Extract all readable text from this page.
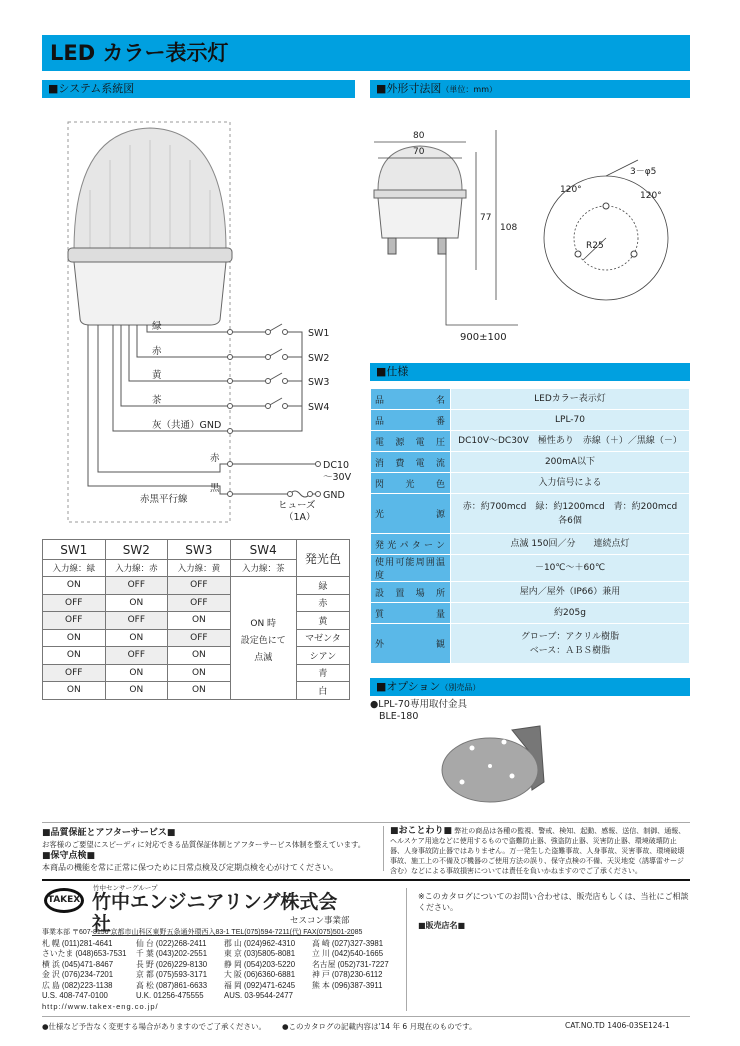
LED カラー表示灯
■システム系統図	■外形寸法図（単位：mm）
緑
赤
黄
茶
灰（共通）GND
SW1
SW2
SW3
SW4
赤
黒
DC10
～30V
GND
ヒューズ
（1A）
赤黒平行線
80
70
77
108
900±100
R25
3－φ5
120°
120°
SW1	SW2	SW3	SW4	発光色
入力線：緑	入力線：赤	入力線：黄	入力線：茶	
ON	OFF	OFF	ON 時
設定色にて
点滅	緑
OFF	ON	OFF		赤
OFF	OFF	ON		黄
ON	ON	OFF		マゼンタ
ON	OFF	ON		シアン
OFF	ON	ON		青
ON	ON	ON		白
■仕様
品名	LEDカラー表示灯

品番	LPL-70

電源電圧	DC10V～DC30V　極性あり　赤線（＋）／黒線（－）

消費電流	200mA以下

閃光色	入力信号による

光源	赤：約700mcd　緑：約1200mcd　青：約200mcd
各6個

発光パターン	点滅 150回／分　　連続点灯

使用可能周囲温度	－10℃～＋60℃

設置場所	屋内／屋外（IP66）兼用

質量	約205g

外観	グローブ：アクリル樹脂
ベース：ＡＢＳ樹脂
■オプション（別売品）
●LPL-70専用取付金具
BLE-180
■品質保証とアフターサービス■
お客様のご要望にスピーディに対応できる品質保証体制とアフターサービス体制を整えています。
■保守点検■
本商品の機能を常に正常に保つために日常点検及び定期点検を心がけてください。
■おことわり■ 弊社の商品は各種の監視、警戒、検知、起動、感報、送信、制御、通報、ヘルスケア用途などに使用するもので盗難防止器、強盗防止器、災害防止器、環境破壊防止器、人身事故防止器ではありません。万一発生した盗難事故、人身事故、災害事故、環境破壊事故、施工上の不備及び機器のご使用方法の誤り、保守点検の不備、天災地変（誘導雷サージ含む）などによる事故損害については責任を負いかねますのでご了承ください。
TAKEX
竹中センサーグループ
竹中エンジニアリング株式会社	セスコン事業部
事業本部 〒607-8156 京都市山科区東野五条通外環西入83-1 TEL(075)594-7211(代) FAX(075)501-2085
札 幌 (011)281-4641	仙 台 (022)268-2411	郡 山 (024)962-4310	高 崎 (027)327-3981
さいたま (048)653-7531	千 葉 (043)202-2551	東 京 (03)5805-8081	立 川 (042)540-1665
横 浜 (045)471-8467	長 野 (026)229-8130	静 岡 (054)203-5220	名古屋 (052)731-7227
金 沢 (076)234-7201	京 都 (075)593-3171	大 阪 (06)6360-6881	神 戸 (078)230-6112
広 島 (082)223-1138	高 松 (087)861-6633	福 岡 (092)471-6245	熊 本 (096)387-3911
U.S. 408-747-0100	U.K. 01256-475555	AUS. 03-9544-2477
http://www.takex-eng.co.jp/
※このカタログについてのお問い合わせは、販売店もしくは、当社にご相談ください。
■販売店名■
●仕様など予告なく変更する場合がありますのでご了承ください。 ●このカタログの記載内容は'14 年 6 月現在のものです。	CAT.NO.TD 1406-03SE124-1
